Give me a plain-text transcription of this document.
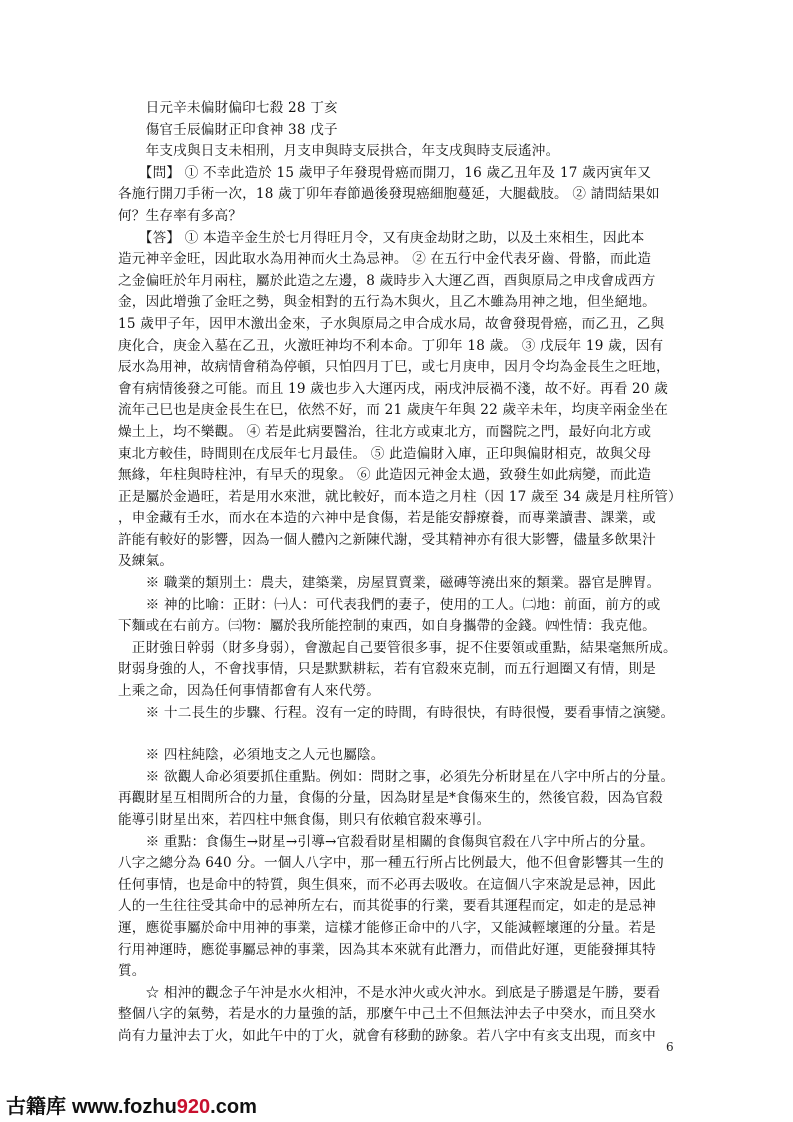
　　日元辛未偏財偏印七殺 28 丁亥
　　傷官壬辰偏財正印食神 38 戊子
　　年支戌與日支未相刑，月支申與時支辰拱合，年支戌與時支辰遙沖。
　　【問】 ① 不幸此造於 15 歲甲子年發現骨癌而開刀，16 歲乙丑年及 17 歲丙寅年又
各施行開刀手術一次，18 歲丁卯年春節過後發現癌細胞蔓延，大腿截肢。 ② 請問結果如
何？生存率有多高？
　　【答】 ① 本造辛金生於七月得旺月令，又有庚金劫財之助，以及土來相生，因此本
造元神辛金旺，因此取水為用神而火土為忌神。 ② 在五行中金代表牙齒、骨骼，而此造
之金偏旺於年月兩柱，屬於此造之左邊，8 歲時步入大運乙酉，酉與原局之申戌會成西方
金，因此增強了金旺之勢，與金相對的五行為木與火，且乙木雖為用神之地，但坐絕地。
15 歲甲子年，因甲木激出金來，子水與原局之申合成水局，故會發現骨癌，而乙丑，乙與
庚化合，庚金入墓在乙丑，火激旺神均不利本命。丁卯年 18 歲。 ③ 戊辰年 19 歲，因有
辰水為用神，故病情會稍為停頓，只怕四月丁巳，或七月庚申，因月令均為金長生之旺地，
會有病情後發之可能。而且 19 歲也步入大運丙戌，兩戌沖辰禍不淺，故不好。再看 20 歲
流年己巳也是庚金長生在巳，依然不好，而 21 歲庚午年與 22 歲辛未年，均庚辛兩金坐在
燥土上，均不樂觀。 ④ 若是此病要醫治，往北方或東北方，而醫院之門，最好向北方或
東北方較佳，時間則在戊辰年七月最佳。 ⑤ 此造偏財入庫，正印與偏財相克，故與父母
無緣，年柱與時柱沖，有早夭的現象。 ⑥ 此造因元神金太過，致發生如此病變，而此造
正是屬於金過旺，若是用水來泄，就比較好，而本造之月柱（因 17 歲至 34 歲是月柱所管）
，申金藏有壬水，而水在本造的六神中是食傷，若是能安靜療養，而專業讀書、課業，或
許能有較好的影響，因為一個人體內之新陳代謝，受其精神亦有很大影響，儘量多飲果汁
及練氣。
　　※ 職業的類別土：農夫，建築業，房屋買賣業，磁磚等澆出來的類業。器官是脾胃。
　　※ 神的比喻：正財：㈠人：可代表我們的妻子，使用的工人。㈡地：前面，前方的或
下麵或在右前方。㈢物：屬於我所能控制的東西，如自身攜帶的金錢。㈣性情：我克他。
　正財強日幹弱（財多身弱），會激起自己要管很多事，捉不住要領或重點，結果毫無所成。
財弱身強的人，不會找事情，只是默默耕耘，若有官殺來克制，而五行迴圈又有情，則是
上乘之命，因為任何事情都會有人來代勞。
　　※ 十二長生的步驟、行程。沒有一定的時間，有時很快，有時很慢，要看事情之演變。
　　※ 四柱純陰，必須地支之人元也屬陰。
　　※ 欲觀人命必須要抓住重點。例如：問財之事，必須先分析財星在八字中所占的分量。
再觀財星互相間所合的力量，食傷的分量，因為財星是*食傷來生的，然後官殺，因為官殺
能導引財星出來，若四柱中無食傷，則只有依賴官殺來導引。
　　※ 重點：食傷生→財星→引導→官殺看財星相關的食傷與官殺在八字中所占的分量。
八字之總分為 640 分。一個人八字中，那一種五行所占比例最大，他不但會影響其一生的
任何事情，也是命中的特質，與生俱來，而不必再去吸收。在這個八字來說是忌神，因此
人的一生往往受其命中的忌神所左右，而其從事的行業，要看其運程而定，如走的是忌神
運，應從事屬於命中用神的事業，這樣才能修正命中的八字，又能減輕壞運的分量。若是
行用神運時，應從事屬忌神的事業，因為其本來就有此潛力，而借此好運，更能發揮其特
質。
　　☆ 相沖的觀念子午沖是水火相沖，不是水沖火或火沖水。到底是子勝還是午勝，要看
整個八字的氣勢，若是水的力量強的話，那麼午中己土不但無法沖去子中癸水，而且癸水
尚有力量沖去丁火，如此午中的丁火，就會有移動的跡象。若八字中有亥支出現，而亥中
6
古籍库 www.fozhu920.com
